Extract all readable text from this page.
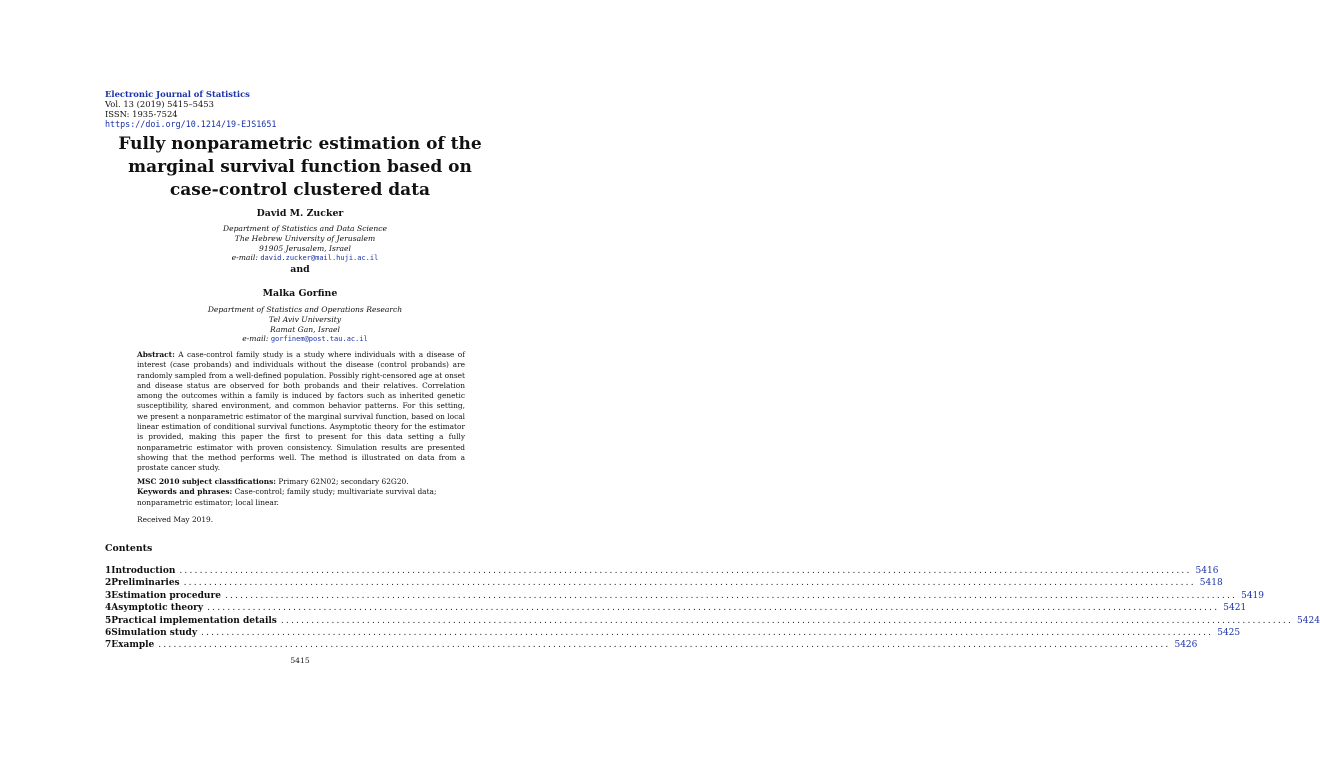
Electronic Journal of Statistics
Vol. 13 (2019) 5415–5453
ISSN: 1935-7524
https://doi.org/10.1214/19-EJS1651
Fully nonparametric estimation of the
marginal survival function based on
case-control clustered data
David M. Zucker
Department of Statistics and Data Science
The Hebrew University of Jerusalem
91905 Jerusalem, Israel
e-mail: david.zucker@mail.huji.ac.il
and
Malka Gorfine
Department of Statistics and Operations Research
Tel Aviv University
Ramat Gan, Israel
e-mail: gorfinem@post.tau.ac.il
Abstract: A case-control family study is a study where individuals with a disease of interest (case probands) and individuals without the disease (control probands) are randomly sampled from a well-defined population. Possibly right-censored age at onset and disease status are observed for both probands and their relatives. Correlation among the outcomes within a family is induced by factors such as inherited genetic susceptibility, shared environment, and common behavior patterns. For this setting, we present a nonparametric estimator of the marginal survival function, based on local linear estimation of conditional survival functions. Asymptotic theory for the estimator is provided, making this paper the first to present for this data setting a fully nonparametric estimator with proven consistency. Simulation results are presented showing that the method performs well. The method is illustrated on data from a prostate cancer study.
MSC 2010 subject classifications: Primary 62N02; secondary 62G20.
Keywords and phrases: Case-control; family study; multivariate survival data; nonparametric estimator; local linear.
Received May 2019.
Contents
1 Introduction ........................................................................................................................................................................................................ 5416
2 Preliminaries ........................................................................................................................................................................................................ 5418
3 Estimation procedure ........................................................................................................................................................................................................ 5419
4 Asymptotic theory ........................................................................................................................................................................................................ 5421
5 Practical implementation details ........................................................................................................................................................................................................ 5424
6 Simulation study ........................................................................................................................................................................................................ 5425
7 Example ........................................................................................................................................................................................................ 5426
5415
